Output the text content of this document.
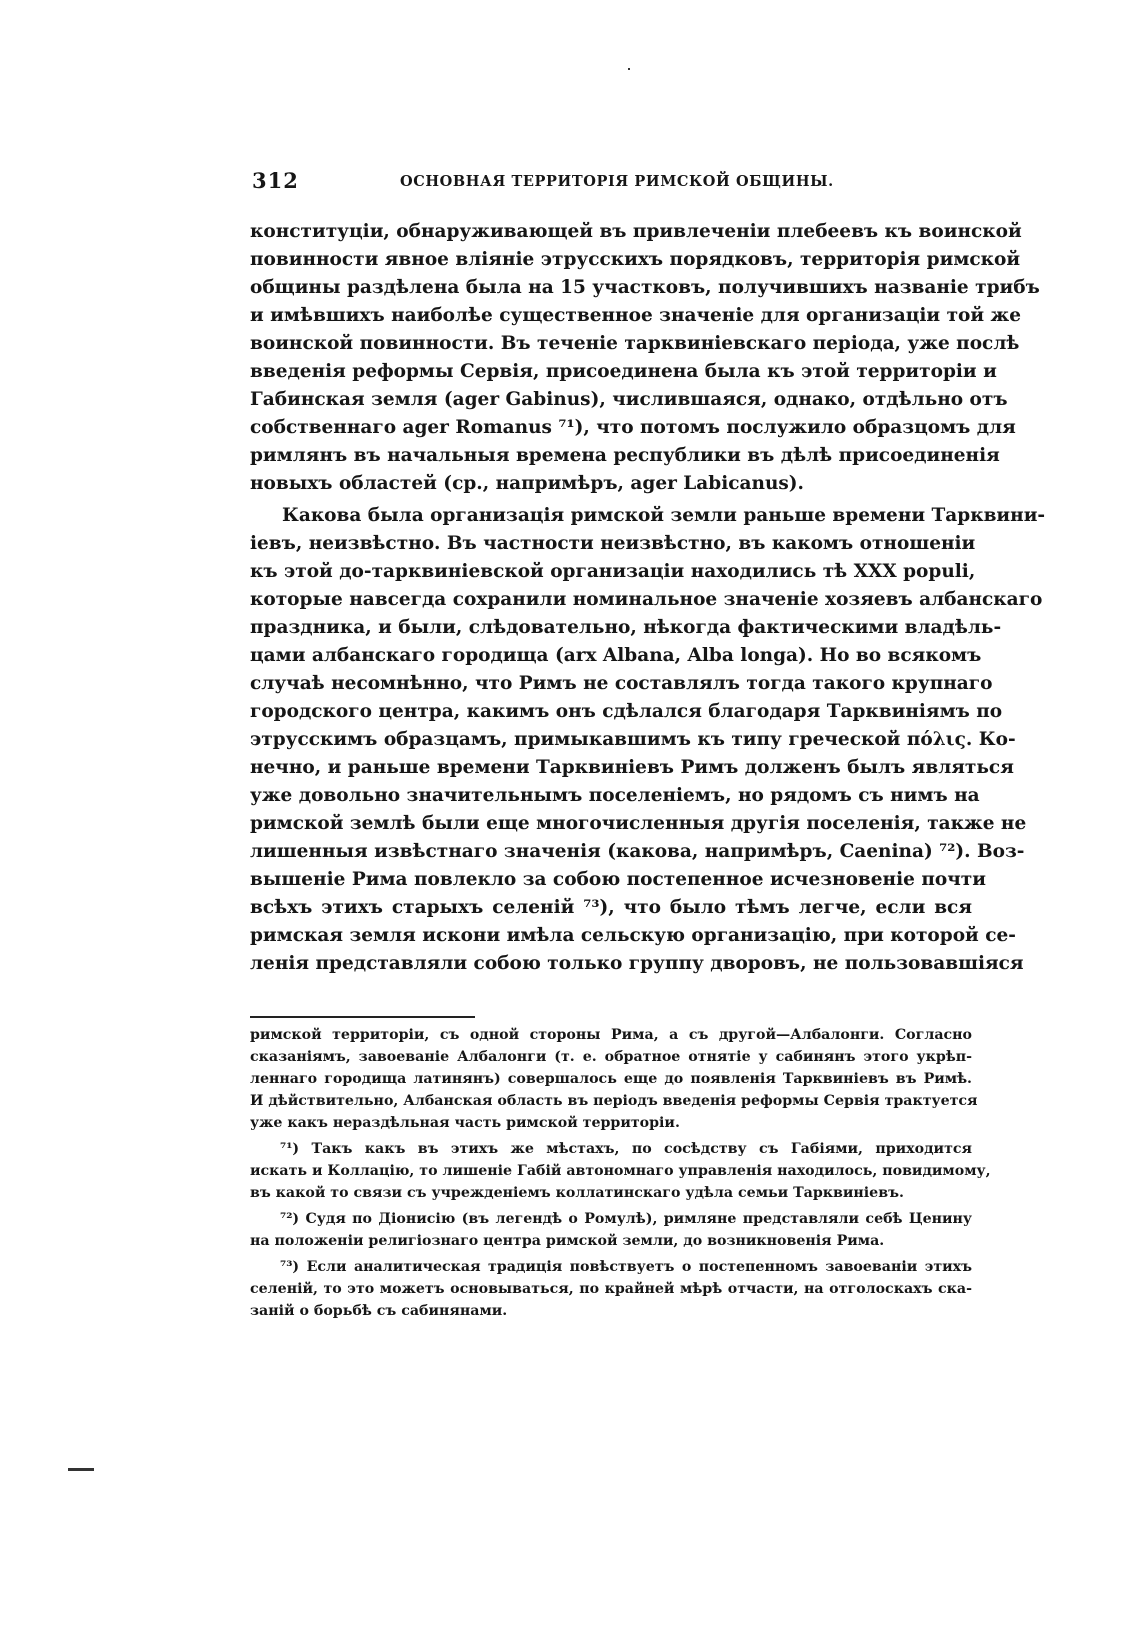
312	ОСНОВНАЯ ТЕРРИТОРІЯ РИМСКОЙ ОБЩИНЫ.
конституціи, обнаруживающей въ привлеченіи плебеевъ къ воинской
повинности явное вліяніе этрусскихъ порядковъ, территорія римской
общины раздѣлена была на 15 участковъ, получившихъ названіе трибъ
и имѣвшихъ наиболѣе существенное значеніе для организаціи той же
воинской повинности. Въ теченіе тарквиніевскаго періода, уже послѣ
введенія реформы Сервія, присоединена была къ этой территоріи и
Габинская земля (ager Gabinus), числившаяся, однако, отдѣльно отъ
собственнаго ager Romanus ⁷¹), что потомъ послужило образцомъ для
римлянъ въ начальныя времена республики въ дѣлѣ присоединенія
новыхъ областей (ср., напримѣръ, ager Labicanus).
Какова была организація римской земли раньше времени Тарквини-
іевъ, неизвѣстно. Въ частности неизвѣстно, въ какомъ отношеніи
къ этой до-тарквиніевской организаціи находились тѣ XXX populi,
которые навсегда сохранили номинальное значеніе хозяевъ албанскаго
праздника, и были, слѣдовательно, нѣкогда фактическими владѣль-
цами албанскаго городища (arx Albana, Alba longa). Но во всякомъ
случаѣ несомнѣнно, что Римъ не составлялъ тогда такого крупнаго
городского центра, какимъ онъ сдѣлался благодаря Тарквиніямъ по
этрусскимъ образцамъ, примыкавшимъ къ типу греческой πόλις. Ко-
нечно, и раньше времени Тарквиніевъ Римъ долженъ былъ являться
уже довольно значительнымъ поселеніемъ, но рядомъ съ нимъ на
римской землѣ были еще многочисленныя другія поселенія, также не
лишенныя извѣстнаго значенія (какова, напримѣръ, Caenina) ⁷²). Воз-
вышеніе Рима повлекло за собою постепенное исчезновеніе почти
всѣхъ этихъ старыхъ селеній ⁷³), что было тѣмъ легче, если вся
римская земля искони имѣла сельскую организацію, при которой се-
ленія представляли собою только группу дворовъ, не пользовавшіяся
римской территоріи, съ одной стороны Рима, а съ другой—Албалонги. Согласно
сказаніямъ, завоеваніе Албалонги (т. е. обратное отнятіе у сабинянъ этого укрѣп-
леннаго городища латинянъ) совершалось еще до появленія Тарквиніевъ въ Римѣ.
И дѣйствительно, Албанская область въ періодъ введенія реформы Сервія трактуется
уже какъ нераздѣльная часть римской территоріи.
⁷¹) Такъ какъ въ этихъ же мѣстахъ, по сосѣдству съ Габіями, приходится
искать и Коллацію, то лишеніе Габій автономнаго управленія находилось, повидимому,
въ какой то связи съ учрежденіемъ коллатинскаго удѣла семьи Тарквиніевъ.
⁷²) Судя по Діонисію (въ легендѣ о Ромулѣ), римляне представляли себѣ Ценину
на положеніи религіознаго центра римской земли, до возникновенія Рима.
⁷³) Если аналитическая традиція повѣствуетъ о постепенномъ завоеваніи этихъ
селеній, то это можетъ основываться, по крайней мѣрѣ отчасти, на отголоскахъ ска-
заній о борьбѣ съ сабинянами.
